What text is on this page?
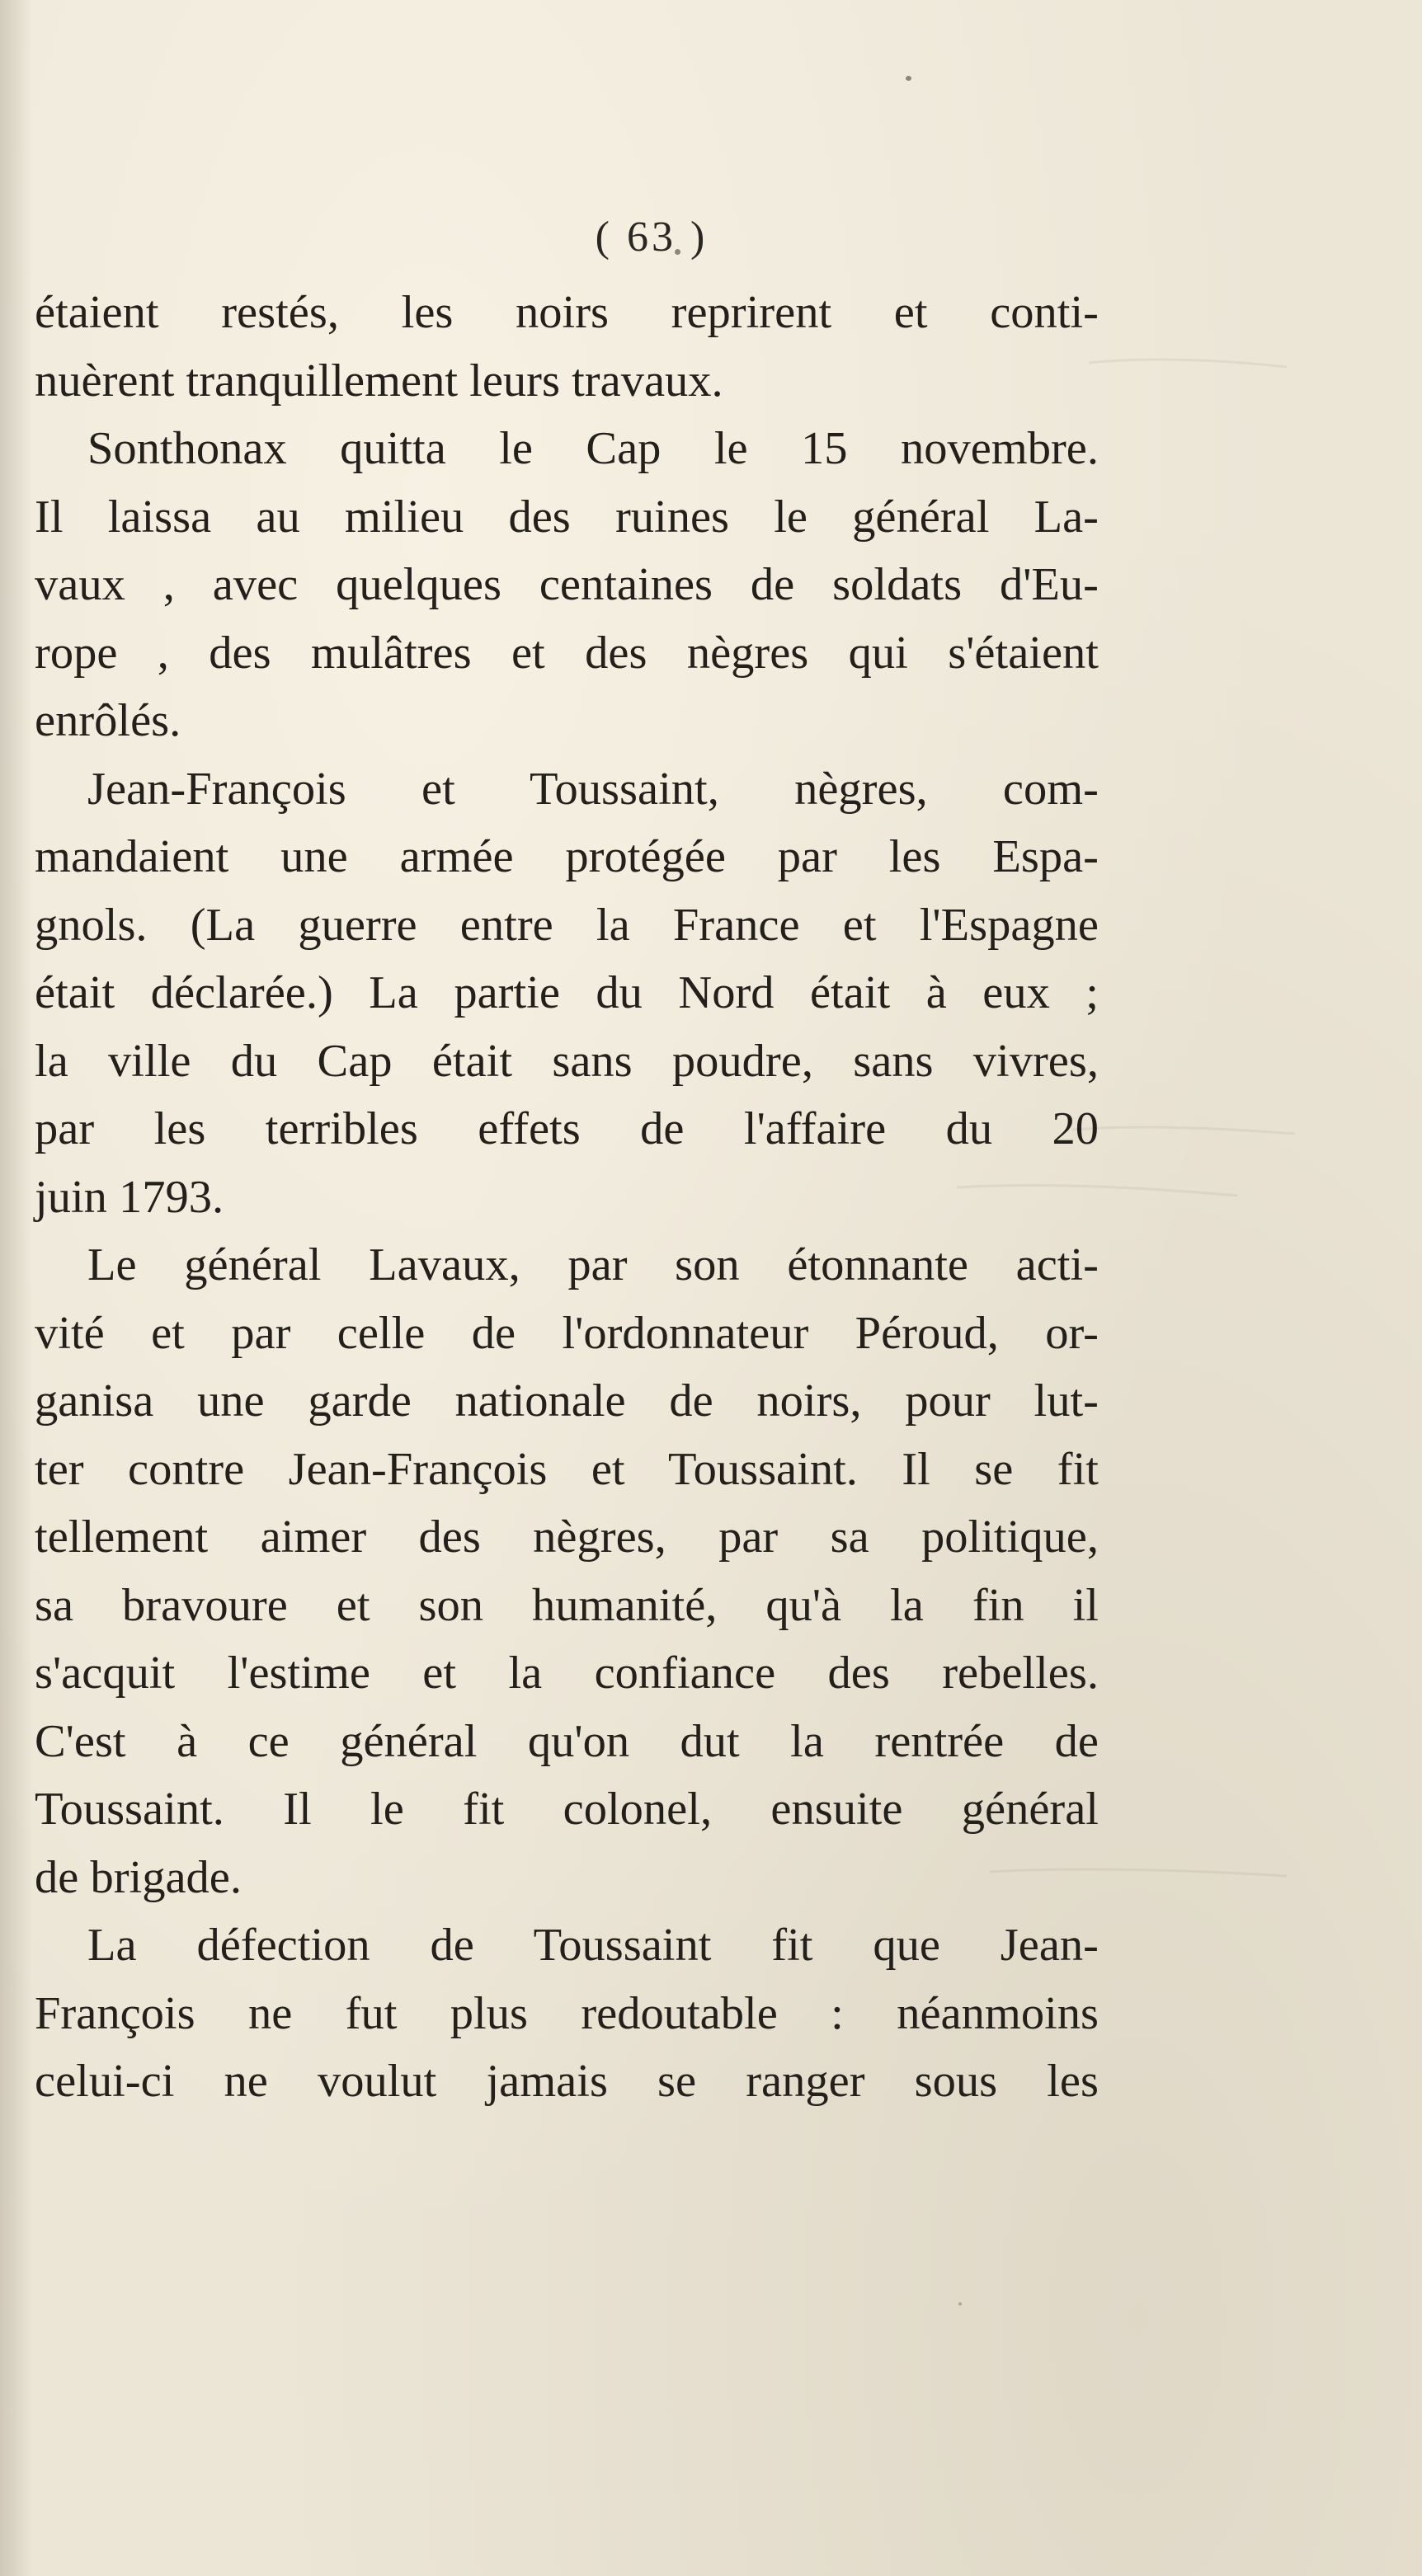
( 63 )
étaient restés, les noirs reprirent et conti-
nuèrent tranquillement leurs travaux.
Sonthonax quitta le Cap le 15 novembre.
Il laissa au milieu des ruines le général La-
vaux , avec quelques centaines de soldats d'Eu-
rope , des mulâtres et des nègres qui s'étaient
enrôlés.
Jean-François et Toussaint, nègres, com-
mandaient une armée protégée par les Espa-
gnols. (La guerre entre la France et l'Espagne
était déclarée.) La partie du Nord était à eux ;
la ville du Cap était sans poudre, sans vivres,
par les terribles effets de l'affaire du 20
juin 1793.
Le général Lavaux, par son étonnante acti-
vité et par celle de l'ordonnateur Péroud, or-
ganisa une garde nationale de noirs, pour lut-
ter contre Jean-François et Toussaint. Il se fit
tellement aimer des nègres, par sa politique,
sa bravoure et son humanité, qu'à la fin il
s'acquit l'estime et la confiance des rebelles.
C'est à ce général qu'on dut la rentrée de
Toussaint. Il le fit colonel, ensuite général
de brigade.
La défection de Toussaint fit que Jean-
François ne fut plus redoutable : néanmoins
celui-ci ne voulut jamais se ranger sous les
